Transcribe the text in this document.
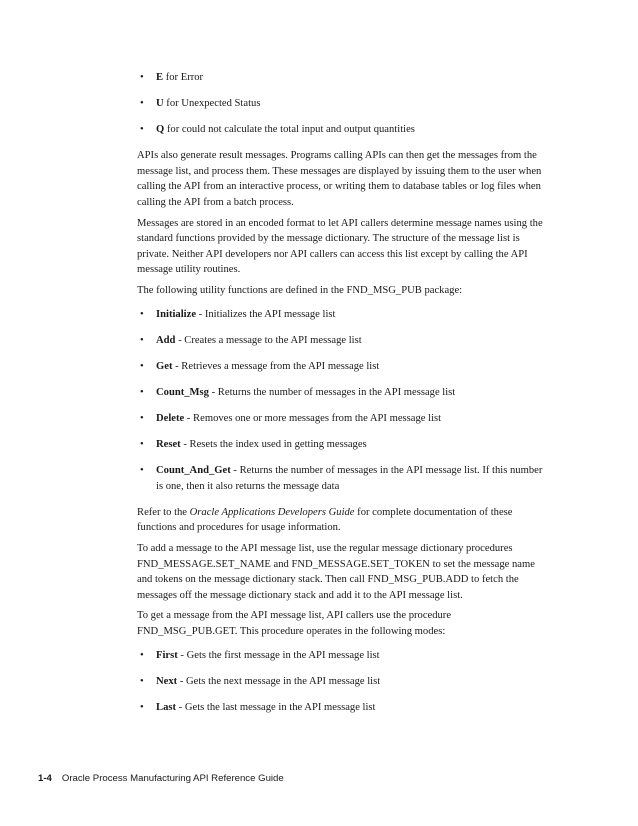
• E for Error
• U for Unexpected Status
• Q for could not calculate the total input and output quantities

APIs also generate result messages. Programs calling APIs can then get the messages from the message list, and process them. These messages are displayed by issuing them to the user when calling the API from an interactive process, or writing them to database tables or log files when calling the API from a batch process.

Messages are stored in an encoded format to let API callers determine message names using the standard functions provided by the message dictionary. The structure of the message list is private. Neither API developers nor API callers can access this list except by calling the API message utility routines.

The following utility functions are defined in the FND_MSG_PUB package:

• Initialize - Initializes the API message list
• Add - Creates a message to the API message list
• Get - Retrieves a message from the API message list
• Count_Msg - Returns the number of messages in the API message list
• Delete - Removes one or more messages from the API message list
• Reset - Resets the index used in getting messages
• Count_And_Get - Returns the number of messages in the API message list. If this number is one, then it also returns the message data

Refer to the Oracle Applications Developers Guide for complete documentation of these functions and procedures for usage information.

To add a message to the API message list, use the regular message dictionary procedures FND_MESSAGE.SET_NAME and FND_MESSAGE.SET_TOKEN to set the message name and tokens on the message dictionary stack. Then call FND_MSG_PUB.ADD to fetch the messages off the message dictionary stack and add it to the API message list.

To get a message from the API message list, API callers use the procedure FND_MSG_PUB.GET. This procedure operates in the following modes:

• First - Gets the first message in the API message list
• Next - Gets the next message in the API message list
• Last - Gets the last message in the API message list
1-4 Oracle Process Manufacturing API Reference Guide
